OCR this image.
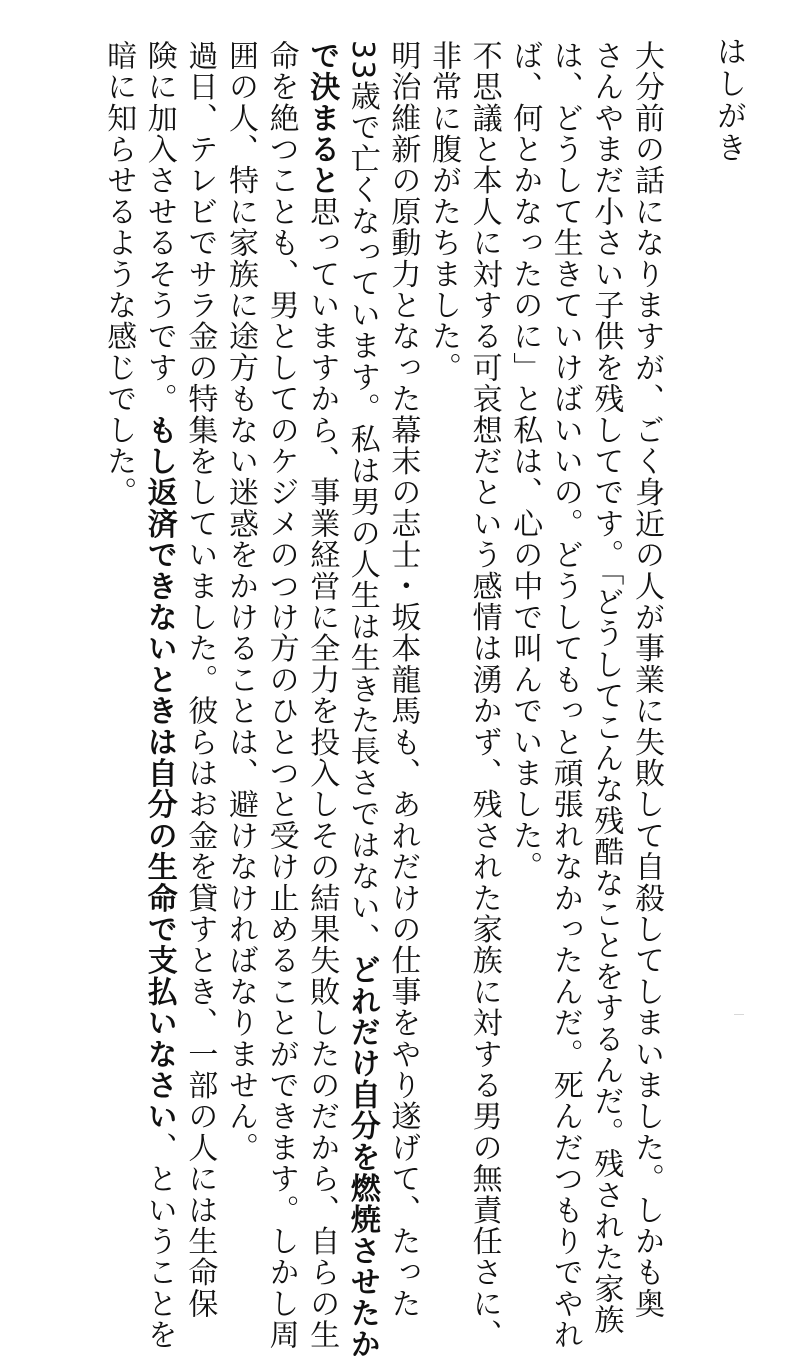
はしがき
大分前の話になりますが、ごく身近の人が事業に失敗して自殺してしまいました。しかも奥
さんやまだ小さい子供を残してです。「どうしてこんな残酷なことをするんだ。残された家族
は、どうして生きていけばいいの。どうしてもっと頑張れなかったんだ。死んだつもりでやれ
ば、何とかなったのに」と私は、心の中で叫んでいました。
不思議と本人に対する可哀想だという感情は湧かず、残された家族に対する男の無責任さに、
非常に腹がたちました。
明治維新の原動力となった幕末の志士・坂本龍馬も、あれだけの仕事をやり遂げて、たった
33歳で亡くなっています。私は男の人生は生きた長さではない、どれだけ自分を燃焼させたか
で決まると思っていますから、事業経営に全力を投入しその結果失敗したのだから、自らの生
命を絶つことも、男としてのケジメのつけ方のひとつと受け止めることができます。しかし周
囲の人、特に家族に途方もない迷惑をかけることは、避けなければなりません。
過日、テレビでサラ金の特集をしていました。彼らはお金を貸すとき、一部の人には生命保
険に加入させるそうです。もし返済できないときは自分の生命で支払いなさい、ということを
暗に知らせるような感じでした。
